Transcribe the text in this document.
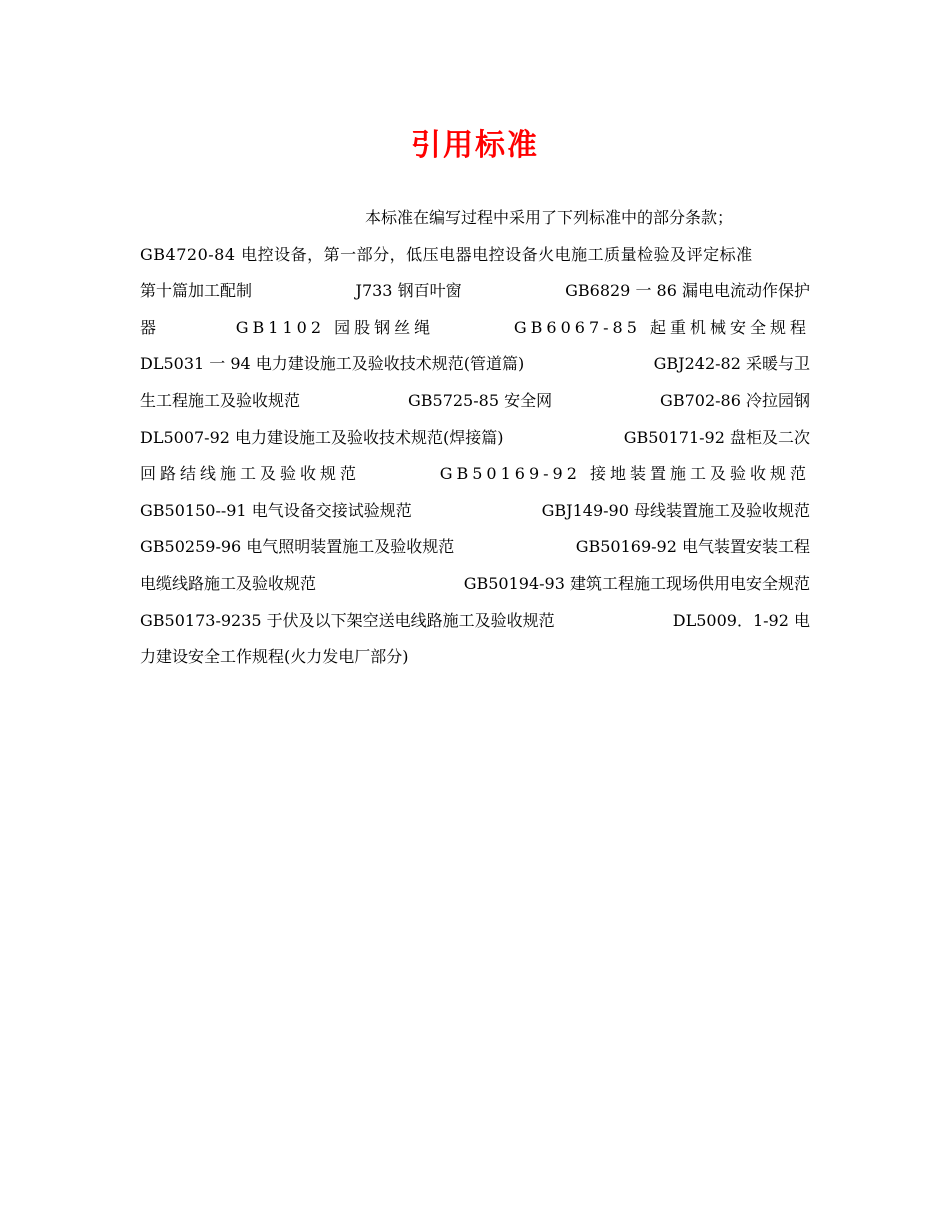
引用标准
本标准在编写过程中采用了下列标准中的部分条款；
GB4720-84 电控设备，第一部分，低压电器电控设备火电施工质量检验及评定标准
第十篇加工配制	J733 钢百叶窗	GB6829 一 86 漏电电流动作保护
器	GB1102 园股钢丝绳	GB6067-85 起重机械安全规程
DL5031 一 94 电力建设施工及验收技术规范(管道篇)	GBJ242-82 采暖与卫
生工程施工及验收规范	GB5725-85 安全网	GB702-86 冷拉园钢
DL5007-92 电力建设施工及验收技术规范(焊接篇)	GB50171-92 盘柜及二次
回路结线施工及验收规范	GB50169-92 接地装置施工及验收规范
GB50150--91 电气设备交接试验规范	GBJ149-90 母线装置施工及验收规范
GB50259-96 电气照明装置施工及验收规范	GB50169-92 电气装置安装工程
电缆线路施工及验收规范	GB50194-93 建筑工程施工现场供用电安全规范
GB50173-9235 于伏及以下架空送电线路施工及验收规范	DL5009．1-92 电
力建设安全工作规程(火力发电厂部分)
